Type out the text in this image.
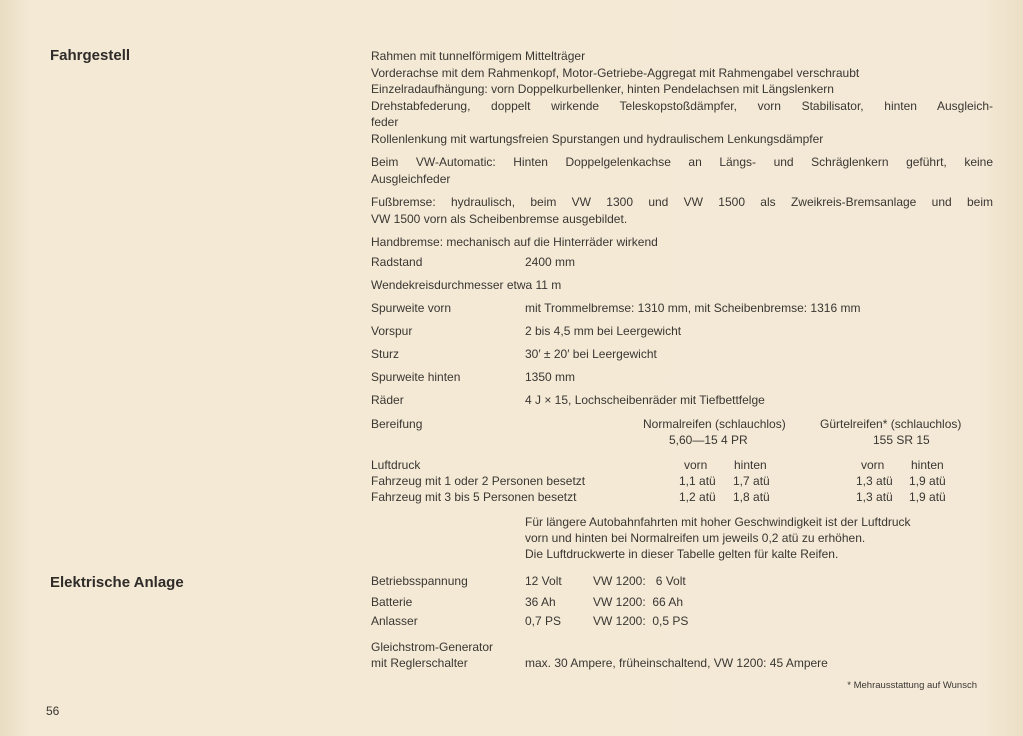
Fahrgestell
Elektrische Anlage
Rahmen mit tunnelförmigem Mittelträger
Vorderachse mit dem Rahmenkopf, Motor-Getriebe-Aggregat mit Rahmengabel verschraubt
Einzelradaufhängung: vorn Doppelkurbellenker, hinten Pendelachsen mit Längslenkern
Drehstabfederung, doppelt wirkende Teleskopstoßdämpfer, vorn Stabilisator, hinten Ausgleich-
feder
Rollenlenkung mit wartungsfreien Spurstangen und hydraulischem Lenkungsdämpfer
Beim VW-Automatic: Hinten Doppelgelenkachse an Längs- und Schräglenkern geführt, keine
Ausgleichfeder
Fußbremse: hydraulisch, beim VW 1300 und VW 1500 als Zweikreis-Bremsanlage und beim
VW 1500 vorn als Scheibenbremse ausgebildet.
Handbremse: mechanisch auf die Hinterräder wirkend
Radstand	2400 mm
Wendekreisdurchmesser etwa 11 m
Spurweite vorn	mit Trommelbremse: 1310 mm, mit Scheibenbremse: 1316 mm
Vorspur	2 bis 4,5 mm bei Leergewicht
Sturz	30′ ± 20′ bei Leergewicht
Spurweite hinten	1350 mm
Räder	4 J × 15, Lochscheibenräder mit Tiefbettfelge
Bereifung	Normalreifen (schlauchlos)	Gürtelreifen* (schlauchlos)
5,60—15 4 PR	155 SR 15
Luftdruck	vorn hinten	vorn hinten
Fahrzeug mit 1 oder 2 Personen besetzt	1,1 atü 1,7 atü	1,3 atü 1,9 atü
Fahrzeug mit 3 bis 5 Personen besetzt	1,2 atü 1,8 atü	1,3 atü 1,9 atü
Für längere Autobahnfahrten mit hoher Geschwindigkeit ist der Luftdruck
vorn und hinten bei Normalreifen um jeweils 0,2 atü zu erhöhen.
Die Luftdruckwerte in dieser Tabelle gelten für kalte Reifen.
Betriebsspannung	12 Volt	VW 1200:   6 Volt
Batterie	36 Ah	VW 1200:  66 Ah
Anlasser	0,7 PS	VW 1200:  0,5 PS
Gleichstrom-Generator
mit Reglerschalter	max. 30 Ampere, früheinschaltend, VW 1200: 45 Ampere
* Mehrausstattung auf Wunsch
56
